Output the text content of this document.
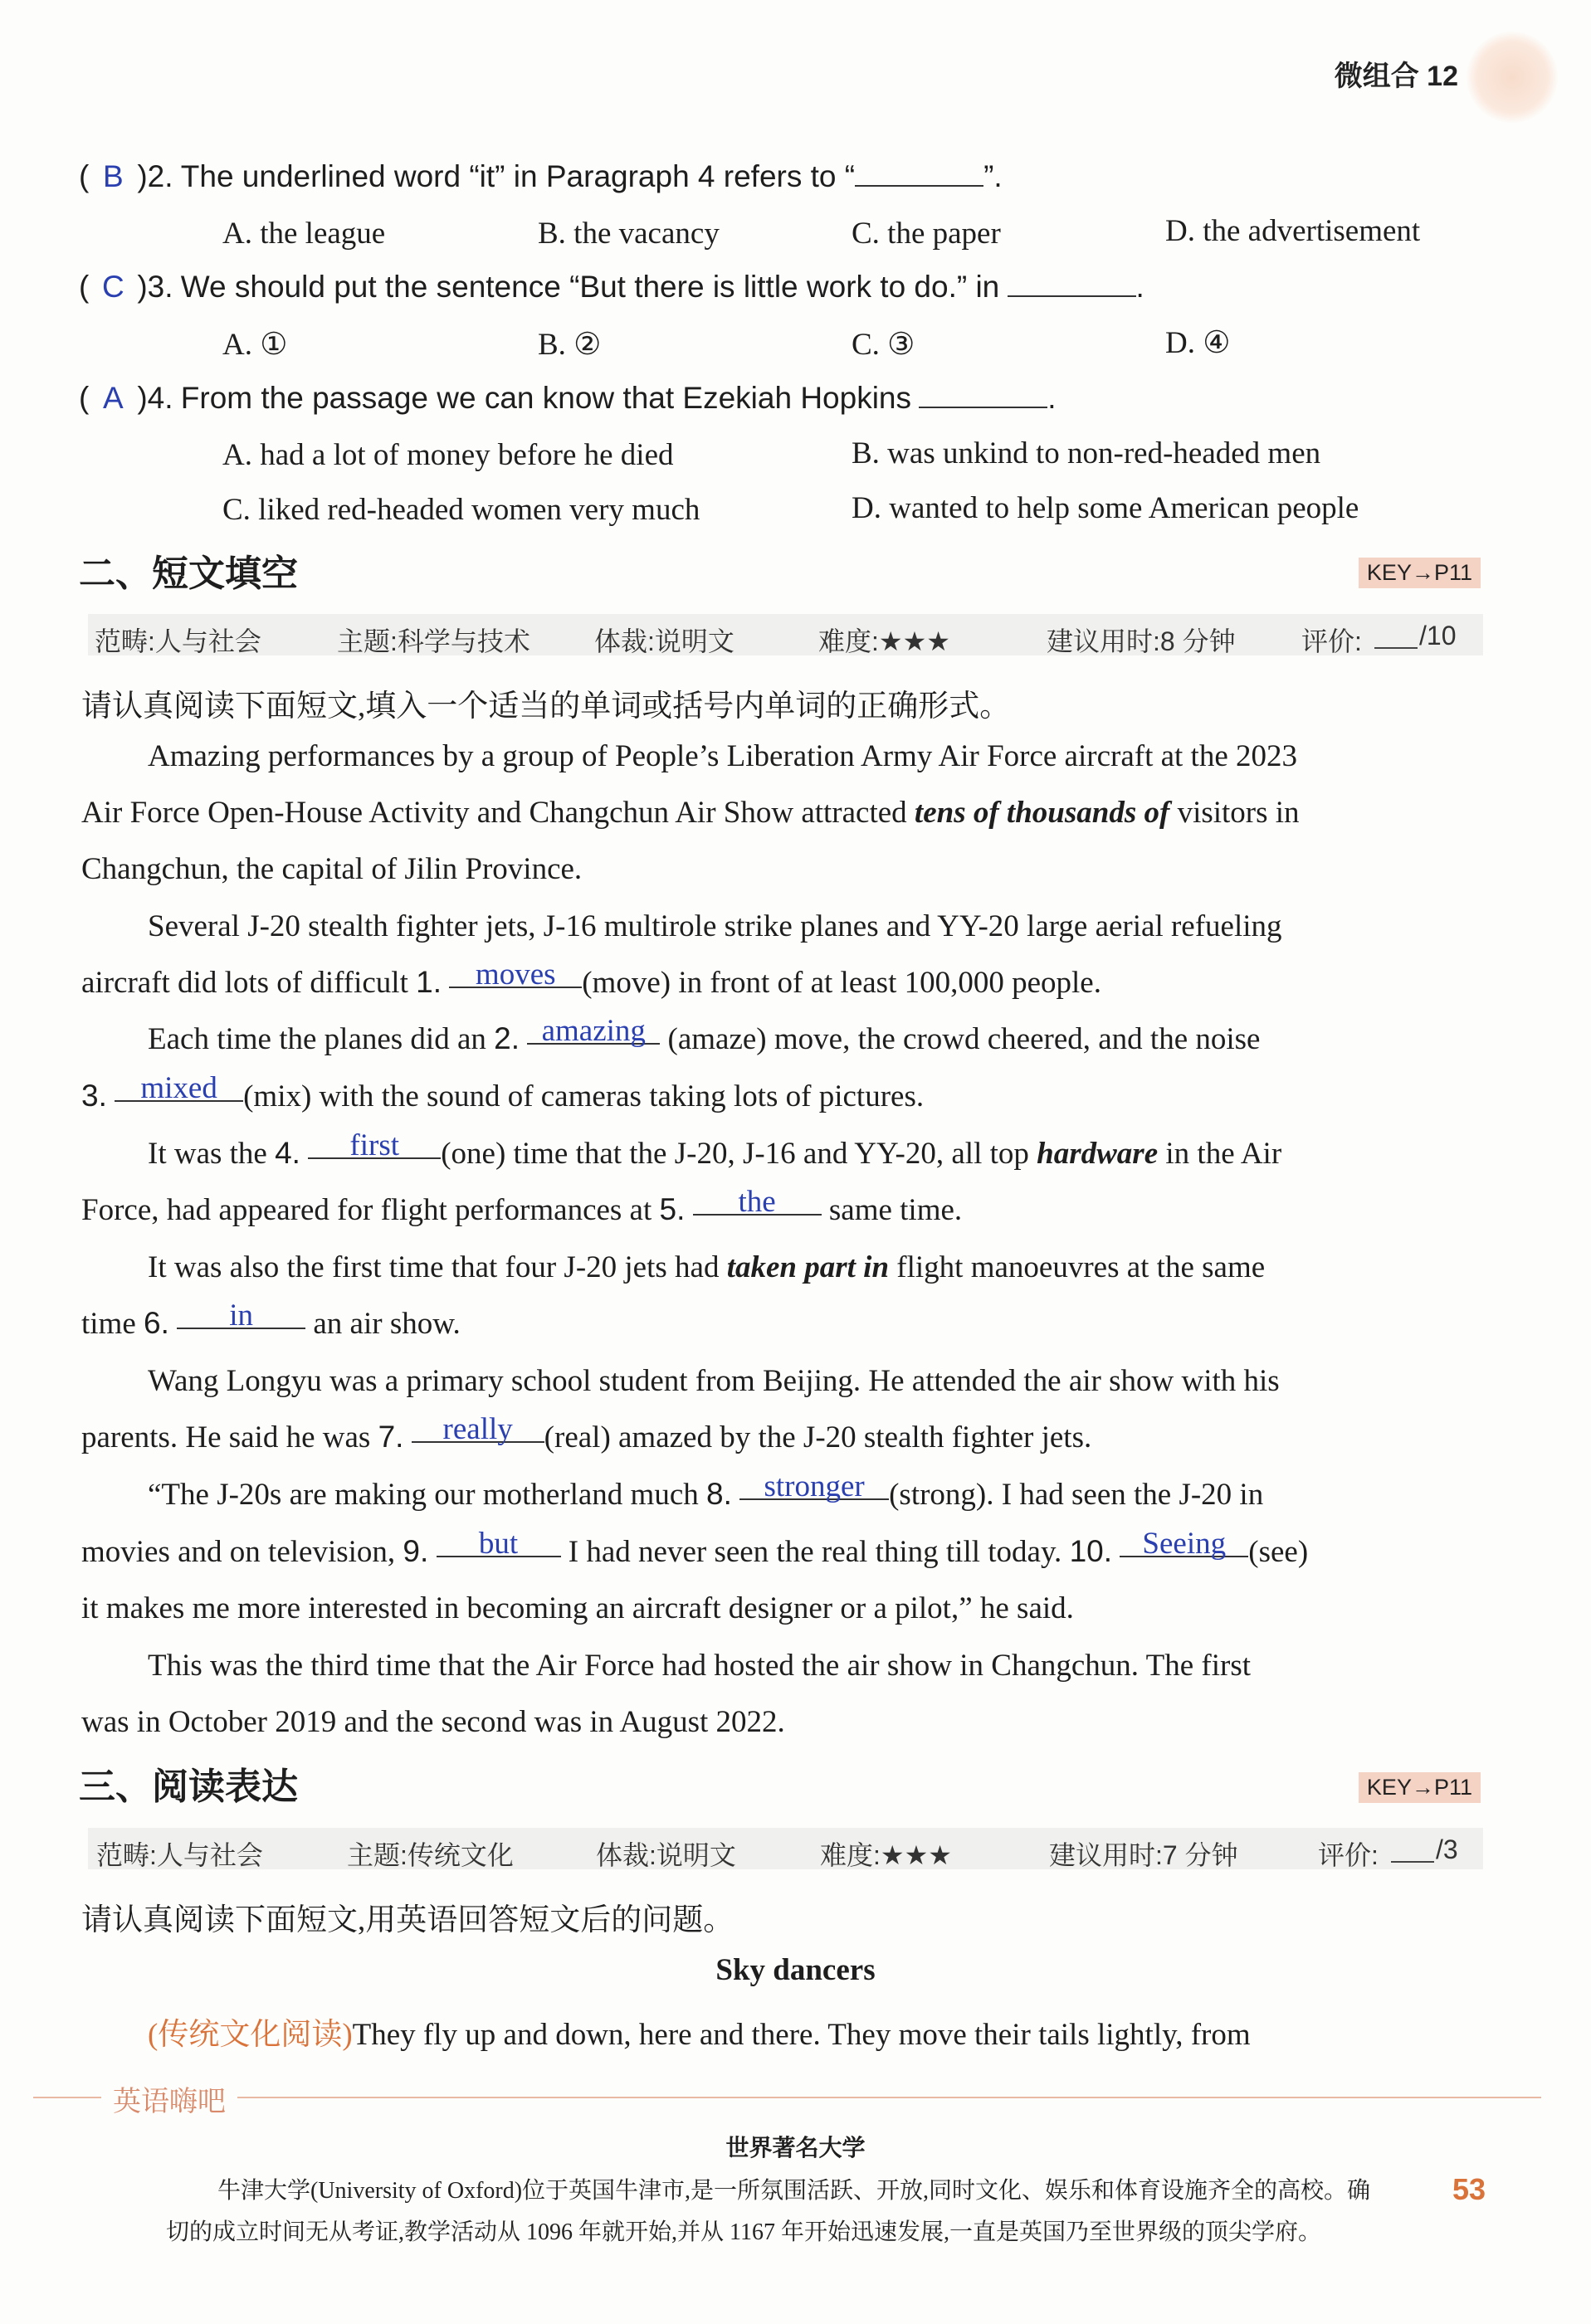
微组合 12
( B )2. The underlined word “it” in Paragraph 4 refers to “	”.
A. the league	B. the vacancy	C. the paper	D. the advertisement
( C )3. We should put the sentence “But there is little work to do.” in	.
A. ①	B. ②	C. ③	D. ④
( A )4. From the passage we can know that Ezekiah Hopkins	.
A. had a lot of money before he died	B. was unkind to non-red-headed men
C. liked red-headed women very much	D. wanted to help some American people
二、短文填空	KEY→P11
范畴:人与社会	主题:科学与技术 体裁:说明文	难度:★★★	建议用时:8 分钟 评价: /10
请认真阅读下面短文,填入一个适当的单词或括号内单词的正确形式。
Amazing performances by a group of People’s Liberation Army Air Force aircraft at the 2023
Air Force Open-House Activity and Changchun Air Show attracted tens of thousands of visitors in
Changchun, the capital of Jilin Province.
Several J-20 stealth fighter jets, J-16 multirole strike planes and YY-20 large aerial refueling
aircraft did lots of difficult 1. moves (move) in front of at least 100,000 people.
Each time the planes did an 2. amazing (amaze) move, the crowd cheered, and the noise
3. mixed (mix) with the sound of cameras taking lots of pictures.
It was the 4. first (one) time that the J-20, J-16 and YY-20, all top hardware in the Air
Force, had appeared for flight performances at 5. the same time.
It was also the first time that four J-20 jets had taken part in flight manoeuvres at the same
time 6. in an air show.
Wang Longyu was a primary school student from Beijing. He attended the air show with his
parents. He said he was 7. really (real) amazed by the J-20 stealth fighter jets.
“The J-20s are making our motherland much 8. stronger (strong). I had seen the J-20 in
movies and on television, 9. but I had never seen the real thing till today. 10. Seeing (see)
it makes me more interested in becoming an aircraft designer or a pilot,” he said.
This was the third time that the Air Force had hosted the air show in Changchun. The first
was in October 2019 and the second was in August 2022.
三、阅读表达	KEY→P11
范畴:人与社会	主题:传统文化	体裁:说明文	难度:★★★	建议用时:7 分钟	评价: /3
请认真阅读下面短文,用英语回答短文后的问题。
Sky dancers
(传统文化阅读)They fly up and down, here and there. They move their tails lightly, from
英语嗨吧
世界著名大学
牛津大学(University of Oxford)位于英国牛津市,是一所氛围活跃、开放,同时文化、娱乐和体育设施齐全的高校。确
切的成立时间无从考证,教学活动从 1096 年就开始,并从 1167 年开始迅速发展,一直是英国乃至世界级的顶尖学府。
53
